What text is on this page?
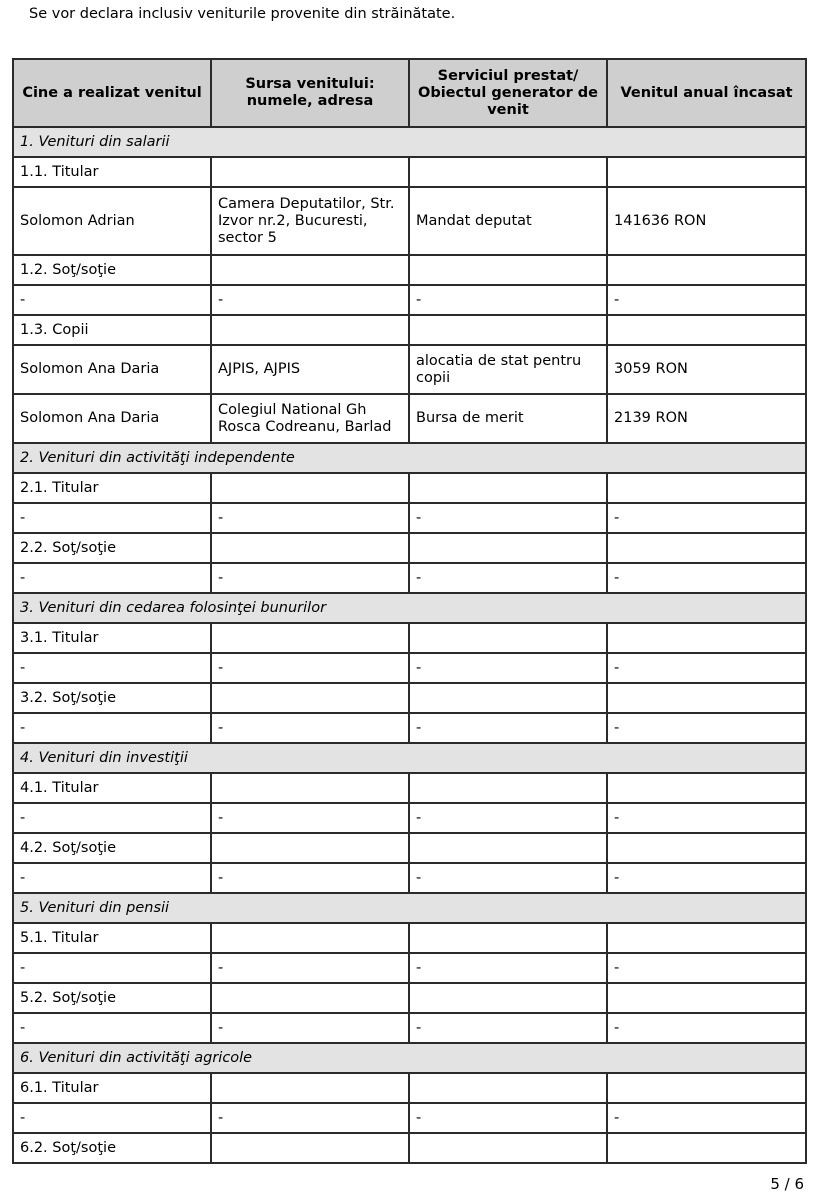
Se vor declara inclusiv veniturile provenite din străinătate.

Cine a realizat venitul	Sursa venitului: numele, adresa	Serviciul prestat/ Obiectul generator de venit	Venitul anual încasat
1. Venituri din salarii			
1.1. Titular			
Solomon Adrian	Camera Deputatilor, Str. Izvor nr.2, Bucuresti, sector 5	Mandat deputat	141636 RON
1.2. Soţ/soţie			
-	-	-	-
1.3. Copii			
Solomon Ana Daria	AJPIS, AJPIS	alocatia de stat pentru copii	3059 RON
Solomon Ana Daria	Colegiul National Gh Rosca Codreanu, Barlad	Bursa de merit	2139 RON
2. Venituri din activităţi independente			
2.1. Titular			
-	-	-	-
2.2. Soţ/soţie			
-	-	-	-
3. Venituri din cedarea folosinţei bunurilor			
3.1. Titular			
-	-	-	-
3.2. Soţ/soţie			
-	-	-	-
4. Venituri din investiţii			
4.1. Titular			
-	-	-	-
4.2. Soţ/soţie			
-	-	-	-
5. Venituri din pensii			
5.1. Titular			
-	-	-	-
5.2. Soţ/soţie			
-	-	-	-
6. Venituri din activităţi agricole			
6.1. Titular			
-	-	-	-
6.2. Soţ/soţie			

5 / 6
